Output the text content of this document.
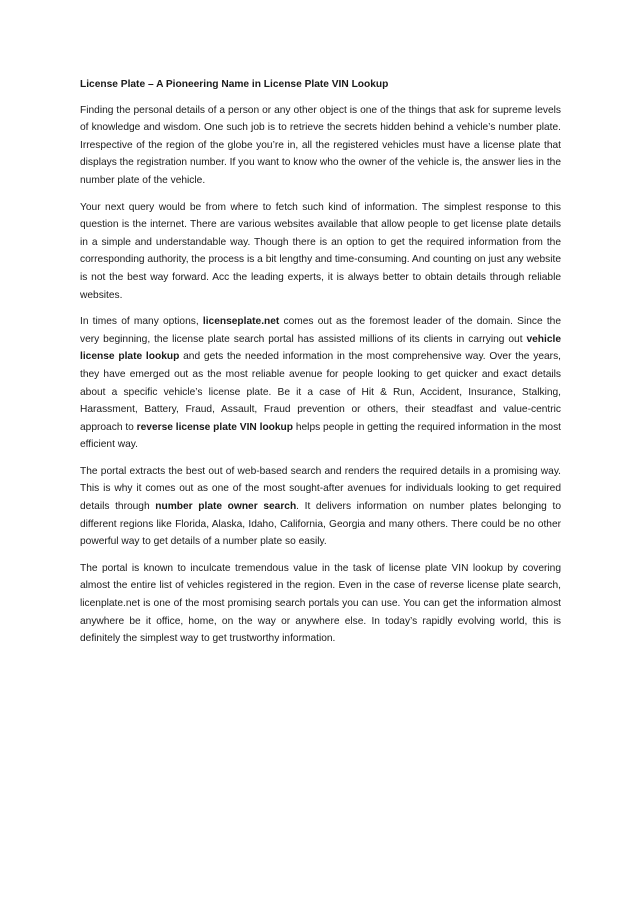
License Plate – A Pioneering Name in License Plate VIN Lookup

Finding the personal details of a person or any other object is one of the things that ask for supreme levels of knowledge and wisdom. One such job is to retrieve the secrets hidden behind a vehicle’s number plate. Irrespective of the region of the globe you’re in, all the registered vehicles must have a license plate that displays the registration number. If you want to know who the owner of the vehicle is, the answer lies in the number plate of the vehicle.

Your next query would be from where to fetch such kind of information. The simplest response to this question is the internet. There are various websites available that allow people to get license plate details in a simple and understandable way. Though there is an option to get the required information from the corresponding authority, the process is a bit lengthy and time-consuming. And counting on just any website is not the best way forward. Acc the leading experts, it is always better to obtain details through reliable websites.

In times of many options, licenseplate.net comes out as the foremost leader of the domain. Since the very beginning, the license plate search portal has assisted millions of its clients in carrying out vehicle license plate lookup and gets the needed information in the most comprehensive way. Over the years, they have emerged out as the most reliable avenue for people looking to get quicker and exact details about a specific vehicle’s license plate. Be it a case of Hit & Run, Accident, Insurance, Stalking, Harassment, Battery, Fraud, Assault, Fraud prevention or others, their steadfast and value-centric approach to reverse license plate VIN lookup helps people in getting the required information in the most efficient way.

The portal extracts the best out of web-based search and renders the required details in a promising way. This is why it comes out as one of the most sought-after avenues for individuals looking to get required details through number plate owner search. It delivers information on number plates belonging to different regions like Florida, Alaska, Idaho, California, Georgia and many others. There could be no other powerful way to get details of a number plate so easily.

The portal is known to inculcate tremendous value in the task of license plate VIN lookup by covering almost the entire list of vehicles registered in the region. Even in the case of reverse license plate search, licenplate.net is one of the most promising search portals you can use. You can get the information almost anywhere be it office, home, on the way or anywhere else. In today’s rapidly evolving world, this is definitely the simplest way to get trustworthy information.
